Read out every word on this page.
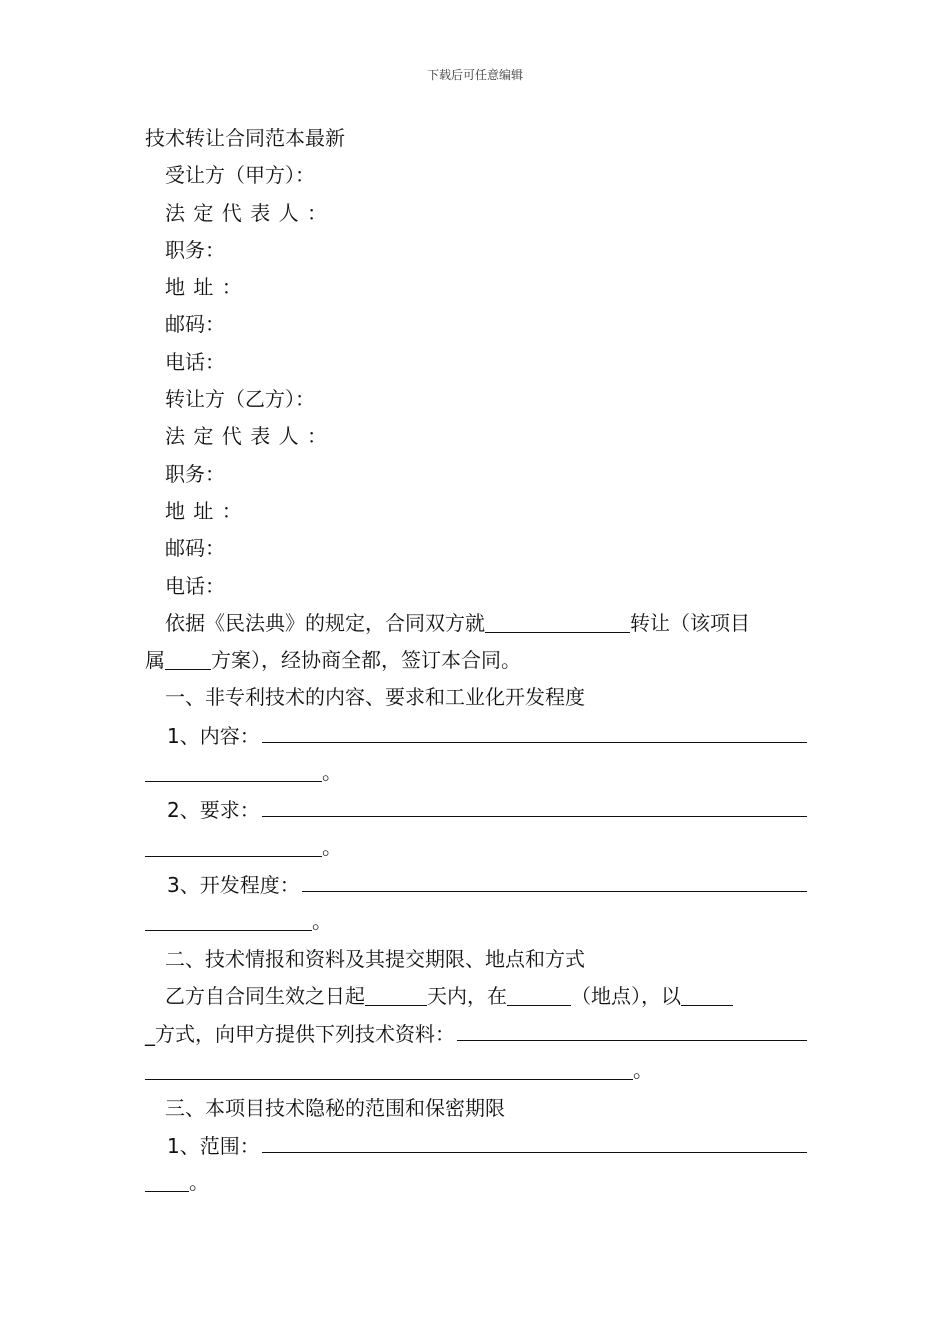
下载后可任意编辑
技术转让合同范本最新
受让方（甲方）：
法定代表人：
职务：
地址：
邮码：
电话：
转让方（乙方）：
法定代表人：
职务：
地址：
邮码：
电话：
依据《民法典》的规定，合同双方就	转让（该项目
属 方案），经协商全都，签订本合同。
一、非专利技术的内容、要求和工业化开发程度
1、内容：
。
2、要求：
。
3、开发程度：
。
二、技术情报和资料及其提交期限、地点和方式
乙方自合同生效之日起	天内，在	（地点），以
_方式，向甲方提供下列技术资料：
。
三、本项目技术隐秘的范围和保密期限
1、范围：
。
